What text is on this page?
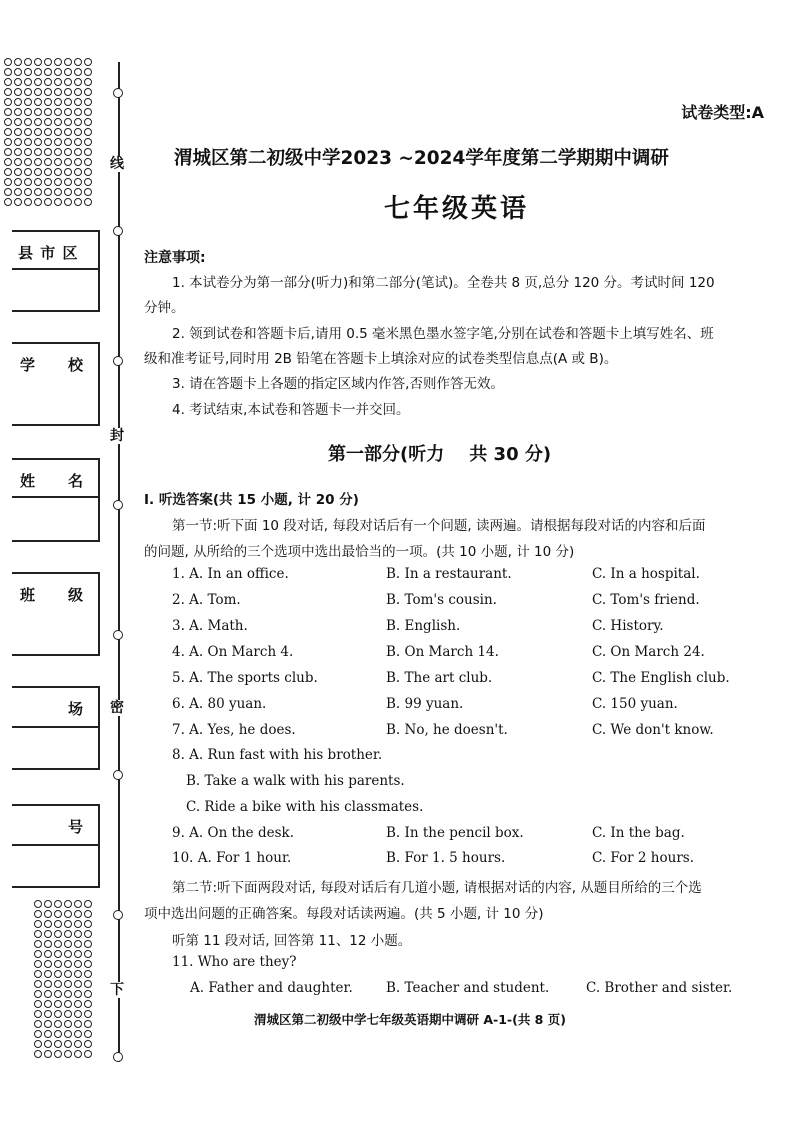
线
封
密
下
县 市 区
学 校
姓 名
班 级
场
号
试卷类型:A
渭城区第二初级中学2023 ~2024学年度第二学期期中调研
七年级英语
注意事项:
1. 本试卷分为第一部分(听力)和第二部分(笔试)。全卷共 8 页,总分 120 分。考试时间 120
分钟。
2. 领到试卷和答题卡后,请用 0.5 毫米黑色墨水签字笔,分别在试卷和答题卡上填写姓名、班
级和准考证号,同时用 2B 铅笔在答题卡上填涂对应的试卷类型信息点(A 或 B)。
3. 请在答题卡上各题的指定区域内作答,否则作答无效。
4. 考试结束,本试卷和答题卡一并交回。
第一部分(听力    共 30 分)
Ⅰ. 听选答案(共 15 小题, 计 20 分)
第一节:听下面 10 段对话, 每段对话后有一个问题, 读两遍。请根据每段对话的内容和后面
的问题, 从所给的三个选项中选出最恰当的一项。(共 10 小题, 计 10 分)
1. A. In an office.	B. In a restaurant.	C. In a hospital.
2. A. Tom.	B. Tom's cousin.	C. Tom's friend.
3. A. Math.	B. English.	C. History.
4. A. On March 4.	B. On March 14.	C. On March 24.
5. A. The sports club.	B. The art club.	C. The English club.
6. A. 80 yuan.	B. 99 yuan.	C. 150 yuan.
7. A. Yes, he does.	B. No, he doesn't.	C. We don't know.
8. A. Run fast with his brother.
B. Take a walk with his parents.
C. Ride a bike with his classmates.
9. A. On the desk.	B. In the pencil box.	C. In the bag.
10. A. For 1 hour.	B. For 1. 5 hours.	C. For 2 hours.
第二节:听下面两段对话, 每段对话后有几道小题, 请根据对话的内容, 从题目所给的三个选
项中选出问题的正确答案。每段对话读两遍。(共 5 小题, 计 10 分)
听第 11 段对话, 回答第 11、12 小题。
11. Who are they?
A. Father and daughter. B. Teacher and student.	C. Brother and sister.
渭城区第二初级中学七年级英语期中调研 A-1-(共 8 页)
